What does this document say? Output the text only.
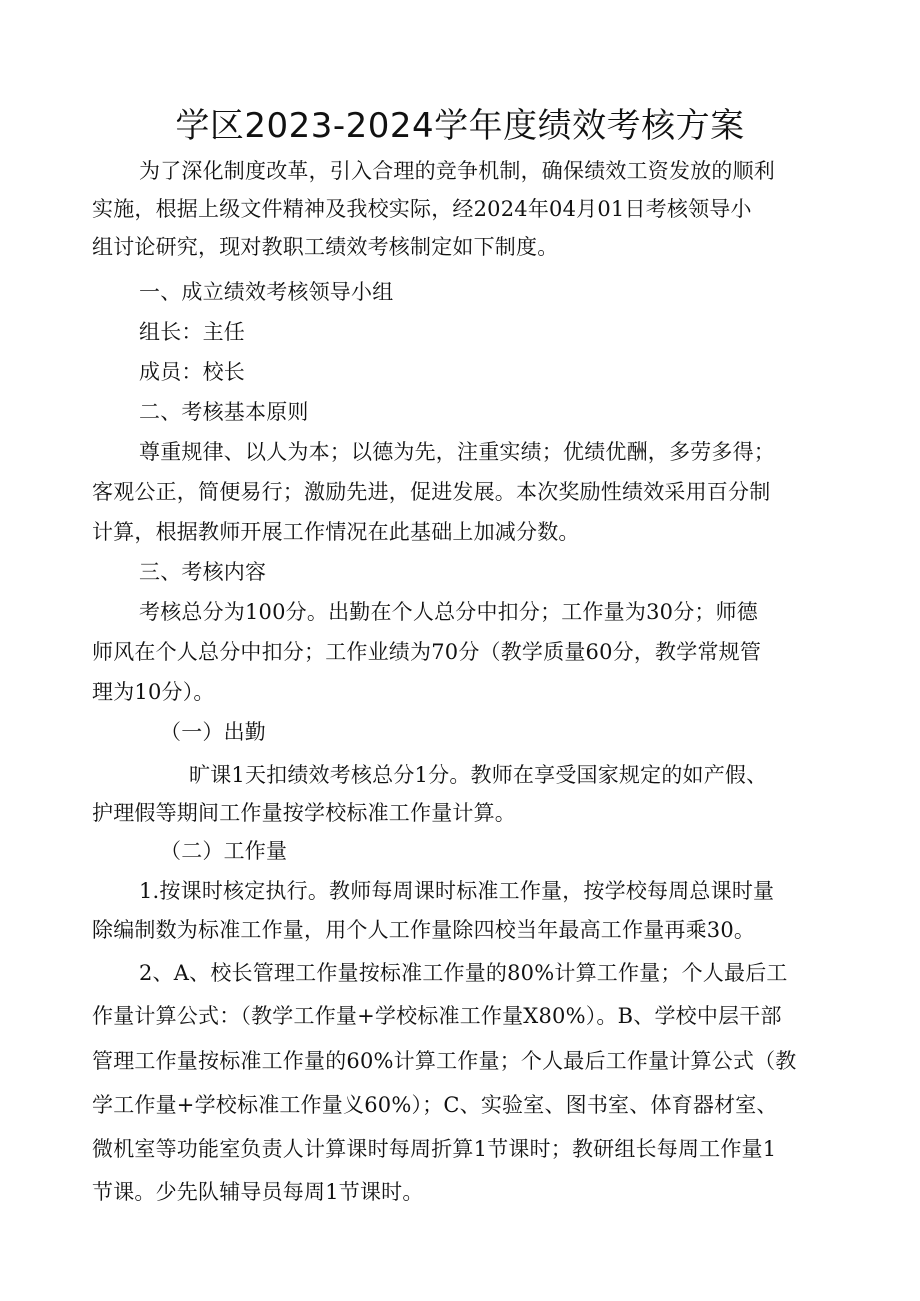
学区2023-2024学年度绩效考核方案
为了深化制度改革，引入合理的竞争机制，确保绩效工资发放的顺利
实施，根据上级文件精神及我校实际，经2024年04月01日考核领导小
组讨论研究，现对教职工绩效考核制定如下制度。
一、成立绩效考核领导小组
组长：主任
成员：校长
二、考核基本原则
尊重规律、以人为本；以德为先，注重实绩；优绩优酬，多劳多得；
客观公正，简便易行；激励先进，促进发展。本次奖励性绩效采用百分制
计算，根据教师开展工作情况在此基础上加减分数。
三、考核内容
考核总分为100分。出勤在个人总分中扣分；工作量为30分；师德
师风在个人总分中扣分；工作业绩为70分（教学质量60分，教学常规管
理为10分）。
（一）出勤
旷课1天扣绩效考核总分1分。教师在享受国家规定的如产假、
护理假等期间工作量按学校标准工作量计算。
（二）工作量
1.按课时核定执行。教师每周课时标准工作量，按学校每周总课时量
除编制数为标准工作量，用个人工作量除四校当年最高工作量再乘30。
2、A、校长管理工作量按标准工作量的80%计算工作量；个人最后工
作量计算公式：（教学工作量+学校标准工作量X80%）。B、学校中层干部
管理工作量按标准工作量的60%计算工作量；个人最后工作量计算公式（教
学工作量+学校标准工作量义60%）；C、实验室、图书室、体育器材室、
微机室等功能室负责人计算课时每周折算1节课时；教研组长每周工作量1
节课。少先队辅导员每周1节课时。
